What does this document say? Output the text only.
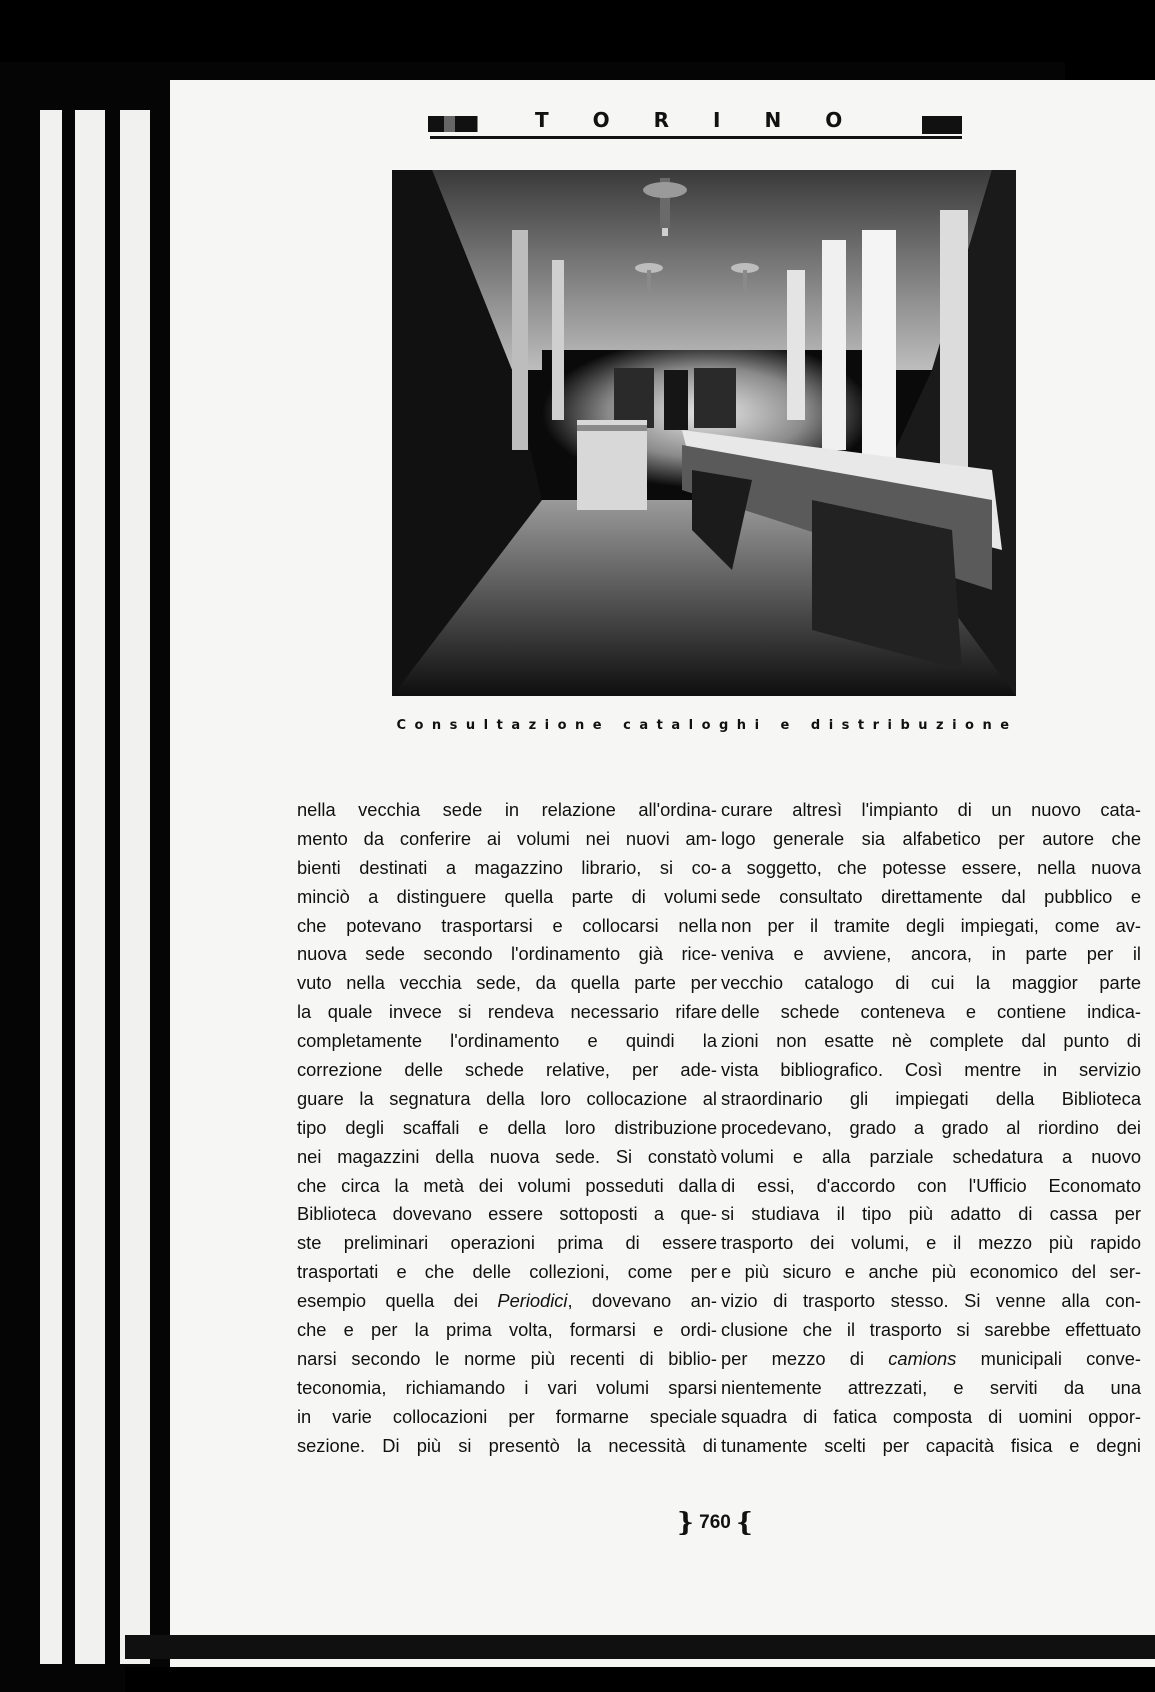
TORINO
Consultazione cataloghi e distribuzione
nella vecchia sede in relazione all'ordina-
mento da conferire ai volumi nei nuovi am-
bienti destinati a magazzino librario, si co-
minciò a distinguere quella parte di volumi
che potevano trasportarsi e collocarsi nella
nuova sede secondo l'ordinamento già rice-
vuto nella vecchia sede, da quella parte per
la quale invece si rendeva necessario rifare
completamente l'ordinamento e quindi la
correzione delle schede relative, per ade-
guare la segnatura della loro collocazione al
tipo degli scaffali e della loro distribuzione
nei magazzini della nuova sede. Si constatò
che circa la metà dei volumi posseduti dalla
Biblioteca dovevano essere sottoposti a que-
ste preliminari operazioni prima di essere
trasportati e che delle collezioni, come per
esempio quella dei Periodici, dovevano an-
che e per la prima volta, formarsi e ordi-
narsi secondo le norme più recenti di biblio-
teconomia, richiamando i vari volumi sparsi
in varie collocazioni per formarne speciale
sezione. Di più si presentò la necessità di
curare altresì l'impianto di un nuovo cata-
logo generale sia alfabetico per autore che
a soggetto, che potesse essere, nella nuova
sede consultato direttamente dal pubblico e
non per il tramite degli impiegati, come av-
veniva e avviene, ancora, in parte per il
vecchio catalogo di cui la maggior parte
delle schede conteneva e contiene indica-
zioni non esatte nè complete dal punto di
vista bibliografico. Così mentre in servizio
straordinario gli impiegati della Biblioteca
procedevano, grado a grado al riordino dei
volumi e alla parziale schedatura a nuovo
di essi, d'accordo con l'Ufficio Economato
si studiava il tipo più adatto di cassa per
trasporto dei volumi, e il mezzo più rapido
e più sicuro e anche più economico del ser-
vizio di trasporto stesso. Si venne alla con-
clusione che il trasporto si sarebbe effettuato
per mezzo di camions municipali conve-
nientemente attrezzati, e serviti da una
squadra di fatica composta di uomini oppor-
tunamente scelti per capacità fisica e degni
} 760 {
